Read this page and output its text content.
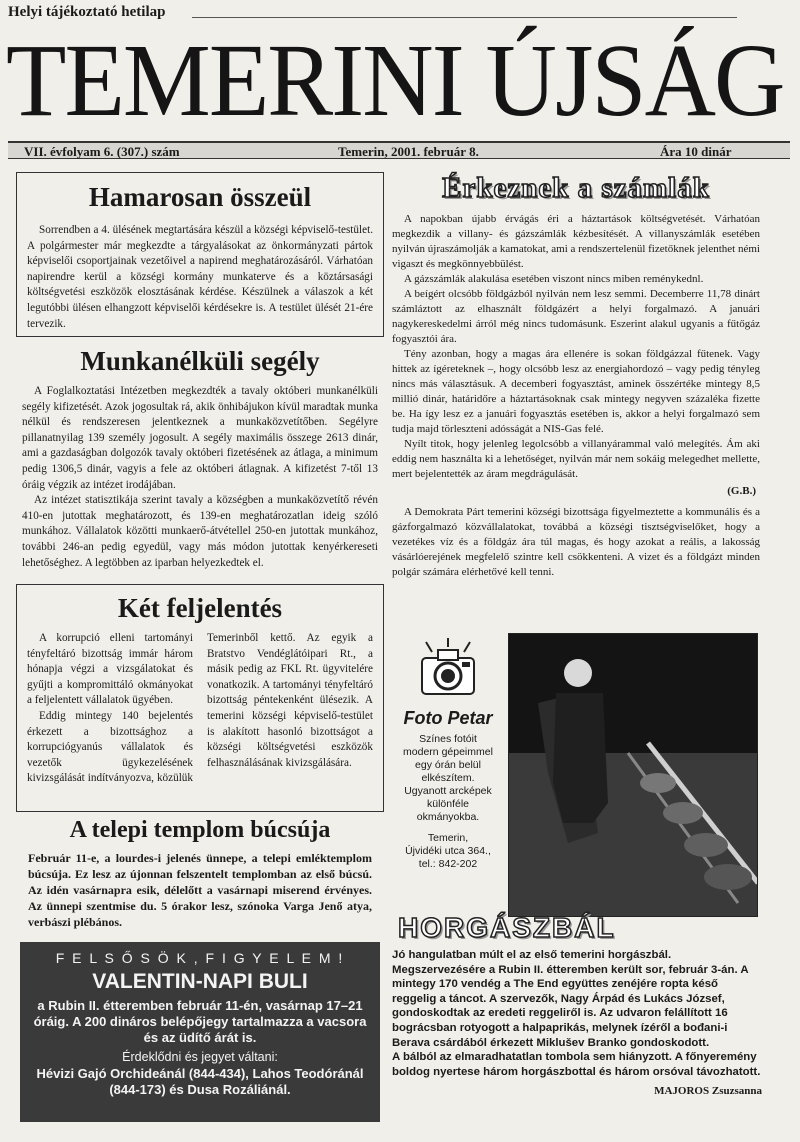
Helyi tájékoztató hetilap
TEMERINI ÚJSÁG
VII. évfolyam 6. (307.) szám	Temerin, 2001. február 8.	Ára 10 dinár
Hamarosan összeül

Sorrendben a 4. ülésének megtartására készül a községi képviselő-testület. A polgármester már megkezdte a tárgyalásokat az önkormányzati pártok képviselői csoportjainak vezetőivel a napirend meghatározásáról. Várhatóan napirendre kerül a községi kormány munkaterve és a köztársasági költségvetési eszközök elosztásának kérdése. Készülnek a válaszok a két legutóbbi ülésen elhangzott képviselői kérdésekre is. A testület ülését 21-ére tervezik.

Munkanélküli segély

A Foglalkoztatási Intézetben megkezdték a tavaly októberi munkanélküli segély kifizetését. Azok jogosultak rá, akik önhibájukon kívül maradtak munka nélkül és rendszeresen jelentkeznek a munkaközvetítőben. Segélyre pillanatnyilag 139 személy jogosult. A segély maximális összege 2613 dinár, ami a gazdaságban dolgozók tavaly októberi fizetésének az átlaga, a minimum pedig 1306,5 dinár, vagyis a fele az októberi átlagnak. A kifizetést 7-től 13 óráig végzik az intézet irodájában.

Az intézet statisztikája szerint tavaly a községben a munkaközvetítő révén 410-en jutottak meghatározott, és 139-en meghatározatlan ideig szóló munkához. Vállalatok közötti munkaerő-átvétellel 250-en jutottak munkához, további 246-an pedig egyedül, vagy más módon jutottak kenyérkereseti lehetőséghez. A legtöbben az iparban helyezkedtek el.

Két feljelentés

A korrupció elleni tartományi tényfeltáró bizottság immár három hónapja végzi a vizsgálatokat és gyűjti a kompromittáló okmányokat a feljelentett vállalatok ügyében.

Eddig mintegy 140 bejelentés érkezett a bizottsághoz a korrupciógyanús vállalatok és vezetők ügykezelésének kivizsgálását indítványozva, közülük Temerinből kettő. Az egyik a Bratstvo Vendéglátóipari Rt., a másik pedig az FKL Rt. ügyvitelére vonatkozik. A tartományi tényfeltáró bizottság péntekenként ülésezik. A temerini községi képviselő-testület is alakított hasonló bizottságot a községi költségvetési eszközök felhasználásának kivizsgálására.

A telepi templom búcsúja
Február 11-e, a lourdes-i jelenés ünnepe, a telepi emléktemplom búcsúja. Ez lesz az újonnan felszentelt templomban az első búcsú. Az idén vasárnapra esik, délelőtt a vasárnapi miserend érvényes. Az ünnepi szentmise du. 5 órakor lesz, szónoka Varga Jenő atya, verbászi plébános.
F E L S Ő S Ö K , F I G Y E L E M !
VALENTIN-NAPI BULI
a Rubin II. étteremben február 11-én, vasárnap 17–21 óráig. A 200 dináros belépőjegy tartalmazza a vacsora és az üdítő árát is.
Érdeklődni és jegyet váltani:
Hévizi Gajó Orchideánál (844-434), Lahos Teodóránál (844-173) és Dusa Rozáliánál.
Érkeznek a számlák

A napokban újabb érvágás éri a háztartások költségvetését. Várhatóan megkezdik a villany- és gázszámlák kézbesítését. A villanyszámlák esetében nyilván újraszámolják a kamatokat, ami a rendszertelenül fizetőknek jelenthet némi vigaszt és megkönnyebbülést.

A gázszámlák alakulása esetében viszont nincs miben reménykednl.

A beígért olcsóbb földgázból nyilván nem lesz semmi. Decemberre 11,78 dinárt számláztott az elhasznált földgázért a helyi forgalmazó. A januári nagykereskedelmi árról még nincs tudomásunk. Eszerint alakul ugyanis a fűtőgáz fogyasztói ára.

Tény azonban, hogy a magas ára ellenére is sokan földgázzal fűtenek. Vagy hittek az ígéreteknek –, hogy olcsóbb lesz az energiahordozó – vagy pedig tényleg nincs más választásuk. A decemberi fogyasztást, aminek összértéke mintegy 8,5 millió dinár, határidőre a háztartásoknak csak mintegy negyven százaléka fizette be. Ha így lesz ez a januári fogyasztás esetében is, akkor a helyi forgalmazó sem tudja majd törleszteni adósságát a NIS-Gas felé.

Nyílt titok, hogy jelenleg legolcsóbb a villanyárammal való melegítés. Ám aki eddig nem használta ki a lehetőséget, nyilván már nem sokáig melegedhet mellette, mert bejelentették az áram megdrágulását.

(G.B.)

A Demokrata Párt temerini községi bizottsága figyelmeztette a kommunális és a gázforgalmazó közvállalatokat, továbbá a községi tisztségviselőket, hogy a vezetékes víz és a földgáz ára túl magas, és hogy azokat a reális, a lakosság vásárlóerejének megfelelő szintre kell csökkenteni. A vizet és a földgázt minden polgár számára elérhetővé kell tenni.

Foto Petar
Színes fotóit
modern gépeimmel
egy órán belül
elkészítem.
Ugyanott arcképek
különféle
okmányokba.
Temerin,
Újvidéki utca 364.,
tel.: 842-202
HORGÁSZBÁL
Jó hangulatban múlt el az első temerini horgászbál. Megszervezésére a Rubin II. étteremben került sor, február 3-án. A mintegy 170 vendég a The End együttes zenéjére ropta késő reggelig a táncot. A szervezők, Nagy Árpád és Lukács József, gondoskodtak az eredeti reggeliről is. Az udvaron felállított 16 bográcsban rotyogott a halpaprikás, melynek ízéről a bođani-i Berava csárdából érkezett Miklušev Branko gondoskodott.
A bálból az elmaradhatatlan tombola sem hiányzott. A főnyeremény boldog nyertese három horgászbottal és három orsóval távozhatott.
MAJOROS Zsuzsanna
